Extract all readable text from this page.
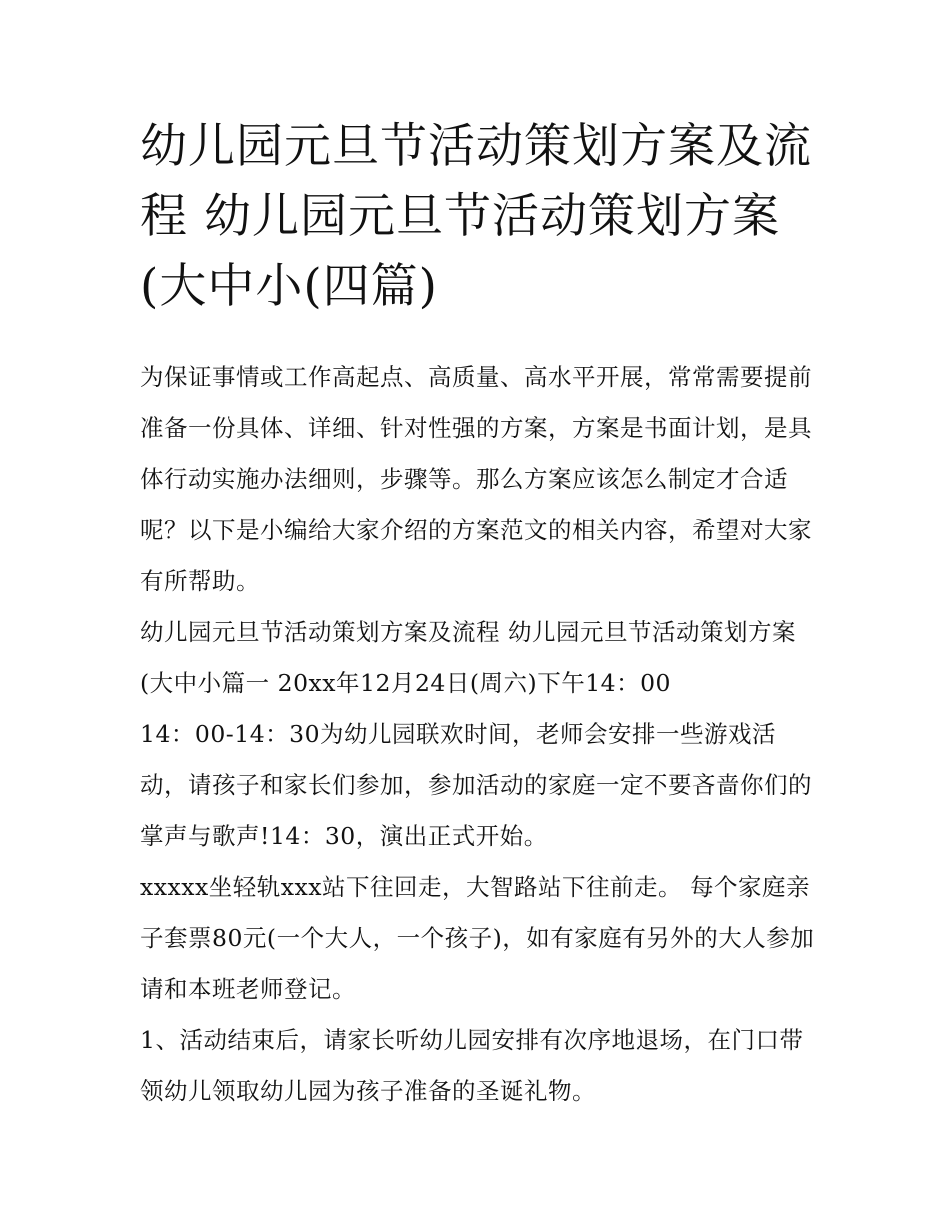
幼儿园元旦节活动策划方案及流程 幼儿园元旦节活动策划方案(大中小(四篇)

为保证事情或工作高起点、高质量、高水平开展，常常需要提前准备一份具体、详细、针对性强的方案，方案是书面计划，是具体行动实施办法细则，步骤等。那么方案应该怎么制定才合适呢？以下是小编给大家介绍的方案范文的相关内容，希望对大家有所帮助。

幼儿园元旦节活动策划方案及流程 幼儿园元旦节活动策划方案(大中小篇一 20xx年12月24日(周六)下午14：00

14：00-14：30为幼儿园联欢时间，老师会安排一些游戏活动，请孩子和家长们参加，参加活动的家庭一定不要吝啬你们的掌声与歌声!14：30，演出正式开始。

xxxxx坐轻轨xxx站下往回走，大智路站下往前走。 每个家庭亲子套票80元(一个大人，一个孩子)，如有家庭有另外的大人参加请和本班老师登记。

1、活动结束后，请家长听幼儿园安排有次序地退场，在门口带领幼儿领取幼儿园为孩子准备的圣诞礼物。
